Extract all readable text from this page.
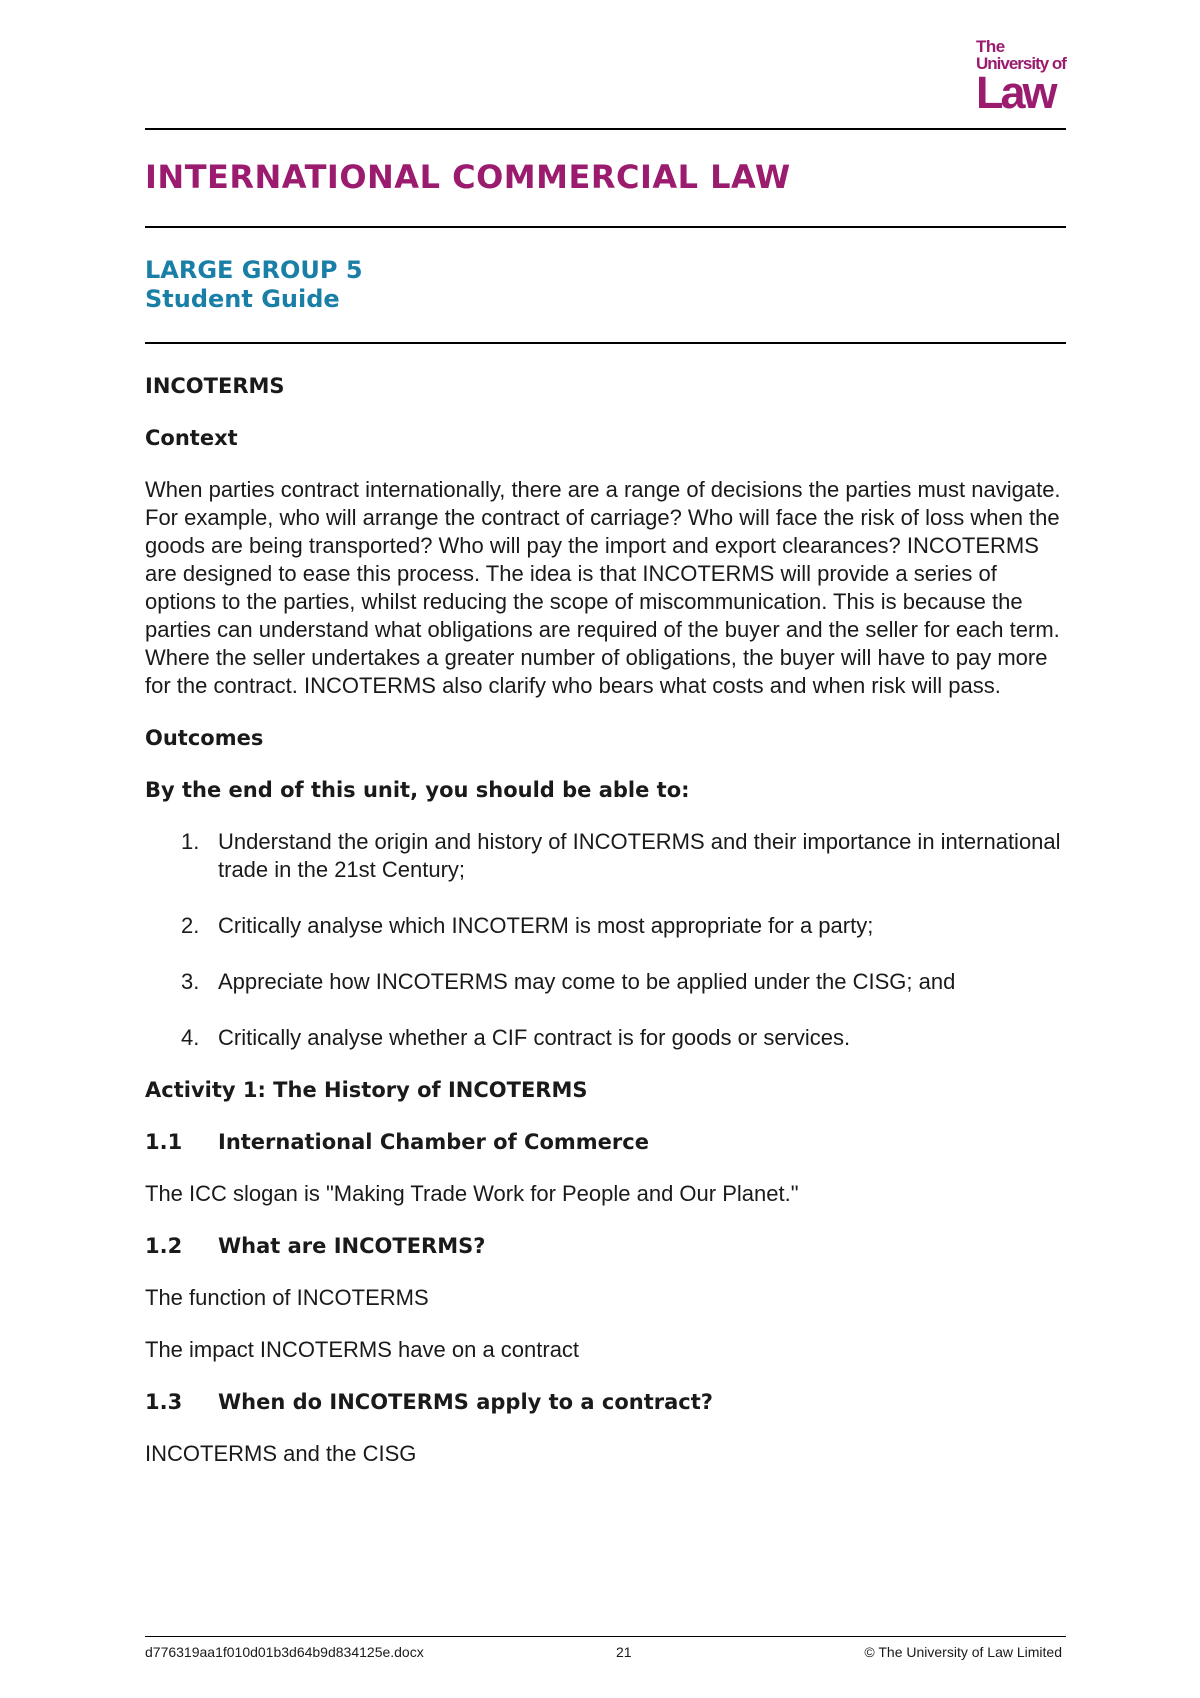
The
University of
Law
INTERNATIONAL COMMERCIAL LAW
LARGE GROUP 5
Student Guide
INCOTERMS
Context

When parties contract internationally, there are a range of decisions the parties must navigate. For example, who will arrange the contract of carriage? Who will face the risk of loss when the goods are being transported? Who will pay the import and export clearances? INCOTERMS are designed to ease this process. The idea is that INCOTERMS will provide a series of options to the parties, whilst reducing the scope of miscommunication. This is because the parties can understand what obligations are required of the buyer and the seller for each term. Where the seller undertakes a greater number of obligations, the buyer will have to pay more for the contract. INCOTERMS also clarify who bears what costs and when risk will pass.

Outcomes

By the end of this unit, you should be able to:

1. Understand the origin and history of INCOTERMS and their importance in international trade in the 21st Century;
2. Critically analyse which INCOTERM is most appropriate for a party;
3. Appreciate how INCOTERMS may come to be applied under the CISG; and
4. Critically analyse whether a CIF contract is for goods or services.
Activity 1: The History of INCOTERMS
1.1 International Chamber of Commerce

The ICC slogan is "Making Trade Work for People and Our Planet."

1.2 What are INCOTERMS?

The function of INCOTERMS

The impact INCOTERMS have on a contract

1.3 When do INCOTERMS apply to a contract?

INCOTERMS and the CISG

d776319aa1f010d01b3d64b9d834125e.docx	21	© The University of Law Limited
